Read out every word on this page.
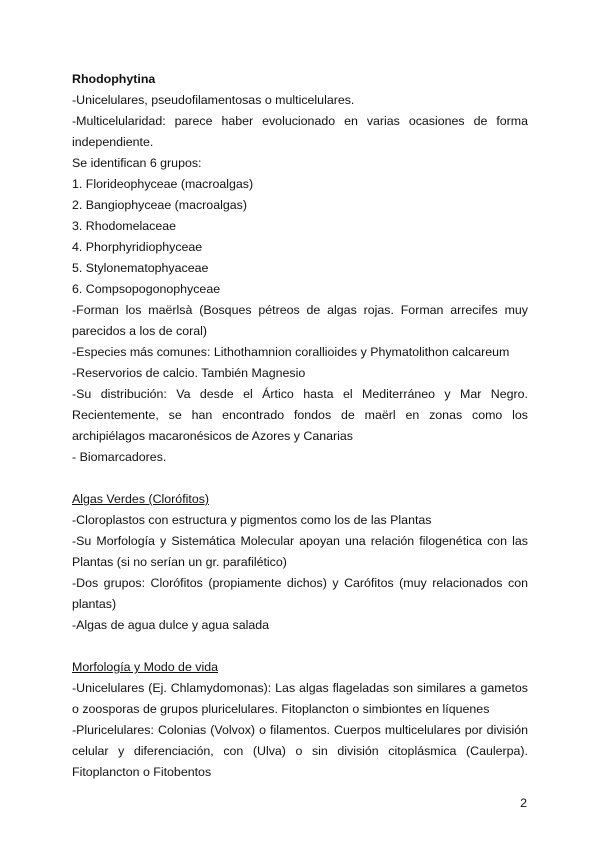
Rhodophytina

-Unicelulares, pseudofilamentosas o multicelulares.

-Multicelularidad: parece haber evolucionado en varias ocasiones de forma independiente.

Se identifican 6 grupos:

1. Florideophyceae (macroalgas)

2. Bangiophyceae (macroalgas)

3. Rhodomelaceae

4. Phorphyridiophyceae

5. Stylonematophyaceae

6. Compsopogonophyceae

-Forman los maërlsà (Bosques pétreos de algas rojas. Forman arrecifes muy parecidos a los de coral)

-Especies más comunes: Lithothamnion corallioides y Phymatolithon calcareum

-Reservorios de calcio. También Magnesio

-Su distribución: Va desde el Ártico hasta el Mediterráneo y Mar Negro. Recientemente, se han encontrado fondos de maërl en zonas como los archipiélagos macaronésicos de Azores y Canarias

- Biomarcadores.

Algas Verdes (Clorófitos)

-Cloroplastos con estructura y pigmentos como los de las Plantas

-Su Morfología y Sistemática Molecular apoyan una relación filogenética con las Plantas (si no serían un gr. parafilético)

-Dos grupos: Clorófitos (propiamente dichos) y Carófitos (muy relacionados con plantas)

-Algas de agua dulce y agua salada

Morfología y Modo de vida

-Unicelulares (Ej. Chlamydomonas): Las algas flageladas son similares a gametos o zoosporas de grupos pluricelulares. Fitoplancton o simbiontes en líquenes

-Pluricelulares: Colonias (Volvox) o filamentos. Cuerpos multicelulares por división celular y diferenciación, con (Ulva) o sin división citoplásmica (Caulerpa). Fitoplancton o Fitobentos

2
